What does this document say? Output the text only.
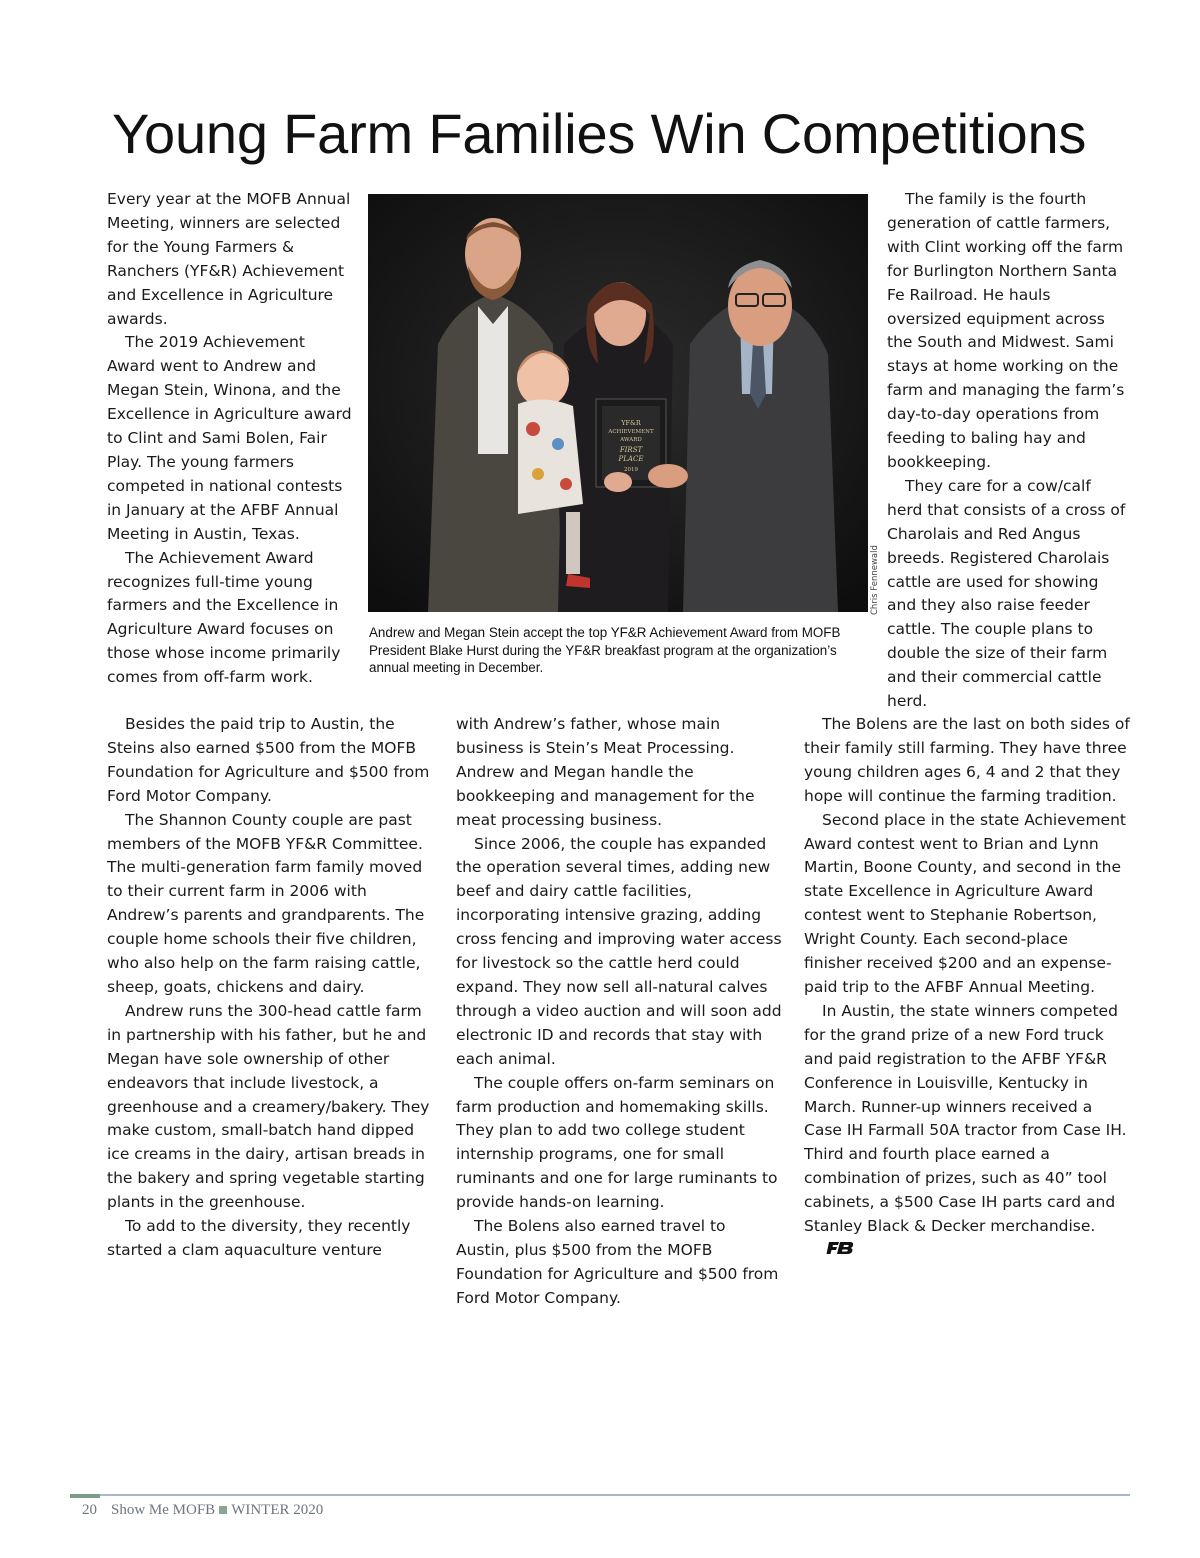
Young Farm Families Win Competitions

Every year at the MOFB Annual Meeting, winners are selected for the Young Farmers & Ranchers (YF&R) Achievement and Excellence in Agriculture awards.

The 2019 Achievement Award went to Andrew and Megan Stein, Winona, and the Excellence in Agriculture award to Clint and Sami Bolen, Fair Play. The young farmers competed in national contests in January at the AFBF Annual Meeting in Austin, Texas.

The Achievement Award recognizes full-time young farmers and the Excellence in Agriculture Award focuses on those whose income primarily comes from off-farm work.

YF&R
ACHIEVEMENT
AWARD
FIRST
PLACE
2019
Chris Fennewald
Andrew and Megan Stein accept the top YF&R Achievement Award from MOFB President Blake Hurst during the YF&R breakfast program at the organization’s annual meeting in December.

The family is the fourth generation of cattle farmers, with Clint working off the farm for Burlington Northern Santa Fe Railroad. He hauls oversized equipment across the South and Midwest. Sami stays at home working on the farm and managing the farm’s day-to-day operations from feeding to baling hay and bookkeeping.

They care for a cow/calf herd that consists of a cross of Charolais and Red Angus breeds. Registered Charolais cattle are used for showing and they also raise feeder cattle. The couple plans to double the size of their farm and their commercial cattle herd.

Besides the paid trip to Austin, the Steins also earned $500 from the MOFB Foundation for Agriculture and $500 from Ford Motor Company.

The Shannon County couple are past members of the MOFB YF&R Committee. The multi-generation farm family moved to their current farm in 2006 with Andrew’s parents and grandparents. The couple home schools their five children, who also help on the farm raising cattle, sheep, goats, chickens and dairy.

Andrew runs the 300-head cattle farm in partnership with his father, but he and Megan have sole ownership of other endeavors that include livestock, a greenhouse and a creamery/bakery. They make custom, small-batch hand dipped ice creams in the dairy, artisan breads in the bakery and spring vegetable starting plants in the greenhouse.

To add to the diversity, they recently started a clam aquaculture venture

with Andrew’s father, whose main business is Stein’s Meat Processing. Andrew and Megan handle the bookkeeping and management for the meat processing business.

Since 2006, the couple has expanded the operation several times, adding new beef and dairy cattle facilities, incorporating intensive grazing, adding cross fencing and improving water access for livestock so the cattle herd could expand. They now sell all-natural calves through a video auction and will soon add electronic ID and records that stay with each animal.

The couple offers on-farm seminars on farm production and homemaking skills. They plan to add two college student internship programs, one for small ruminants and one for large ruminants to provide hands-on learning.

The Bolens also earned travel to Austin, plus $500 from the MOFB Foundation for Agriculture and $500 from Ford Motor Company.

The Bolens are the last on both sides of their family still farming. They have three young children ages 6, 4 and 2 that they hope will continue the farming tradition.

Second place in the state Achievement Award contest went to Brian and Lynn Martin, Boone County, and second in the state Excellence in Agriculture Award contest went to Stephanie Robertson, Wright County. Each second-place finisher received $200 and an expense-paid trip to the AFBF Annual Meeting.

In Austin, the state winners competed for the grand prize of a new Ford truck and paid registration to the AFBF YF&R Conference in Louisville, Kentucky in March. Runner-up winners received a Case IH Farmall 50A tractor from Case IH. Third and fourth place earned a combination of prizes, such as 40” tool cabinets, a $500 Case IH parts card and Stanley Black & Decker merchandise.

20 Show Me MOFB WINTER 2020
